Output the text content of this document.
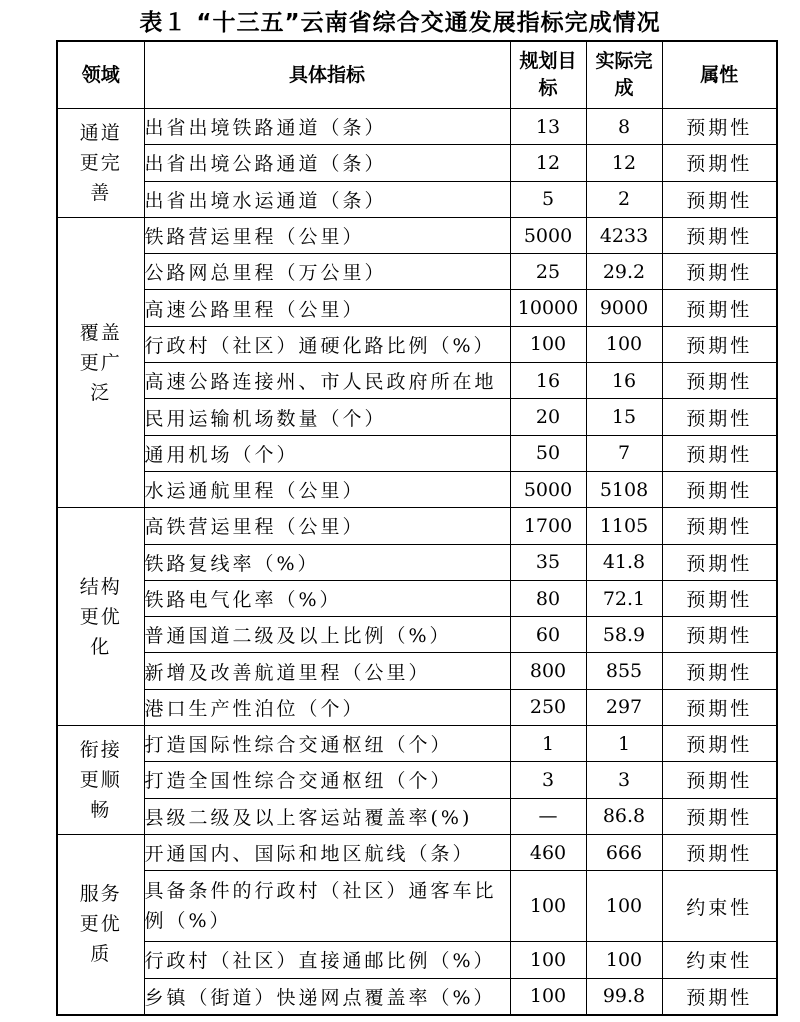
表１ “十三五”云南省综合交通发展指标完成情况
领域	具体指标	规划目标	实际完成	属性
通道更完善	出省出境铁路通道（条）	13	8	预期性
	出省出境公路通道（条）	12	12	预期性
	出省出境水运通道（条）	5	2	预期性
覆盖更广泛	铁路营运里程（公里）	5000	4233	预期性
	公路网总里程（万公里）	25	29.2	预期性
	高速公路里程（公里）	10000	9000	预期性
	行政村（社区）通硬化路比例（%）	100	100	预期性
	高速公路连接州、市人民政府所在地	16	16	预期性
	民用运输机场数量（个）	20	15	预期性
	通用机场（个）	50	7	预期性
	水运通航里程（公里）	5000	5108	预期性
结构更优化	高铁营运里程（公里）	1700	1105	预期性
	铁路复线率（%）	35	41.8	预期性
	铁路电气化率（%）	80	72.1	预期性
	普通国道二级及以上比例（%）	60	58.9	预期性
	新增及改善航道里程（公里）	800	855	预期性
	港口生产性泊位（个）	250	297	预期性
衔接更顺畅	打造国际性综合交通枢纽（个）	1	1	预期性
	打造全国性综合交通枢纽（个）	3	3	预期性
	县级二级及以上客运站覆盖率(%)	—	86.8	预期性
服务更优质	开通国内、国际和地区航线（条）	460	666	预期性
	具备条件的行政村（社区）通客车比例（%）	100	100	约束性
	行政村（社区）直接通邮比例（%）	100	100	约束性
	乡镇（街道）快递网点覆盖率（%）	100	99.8	预期性
